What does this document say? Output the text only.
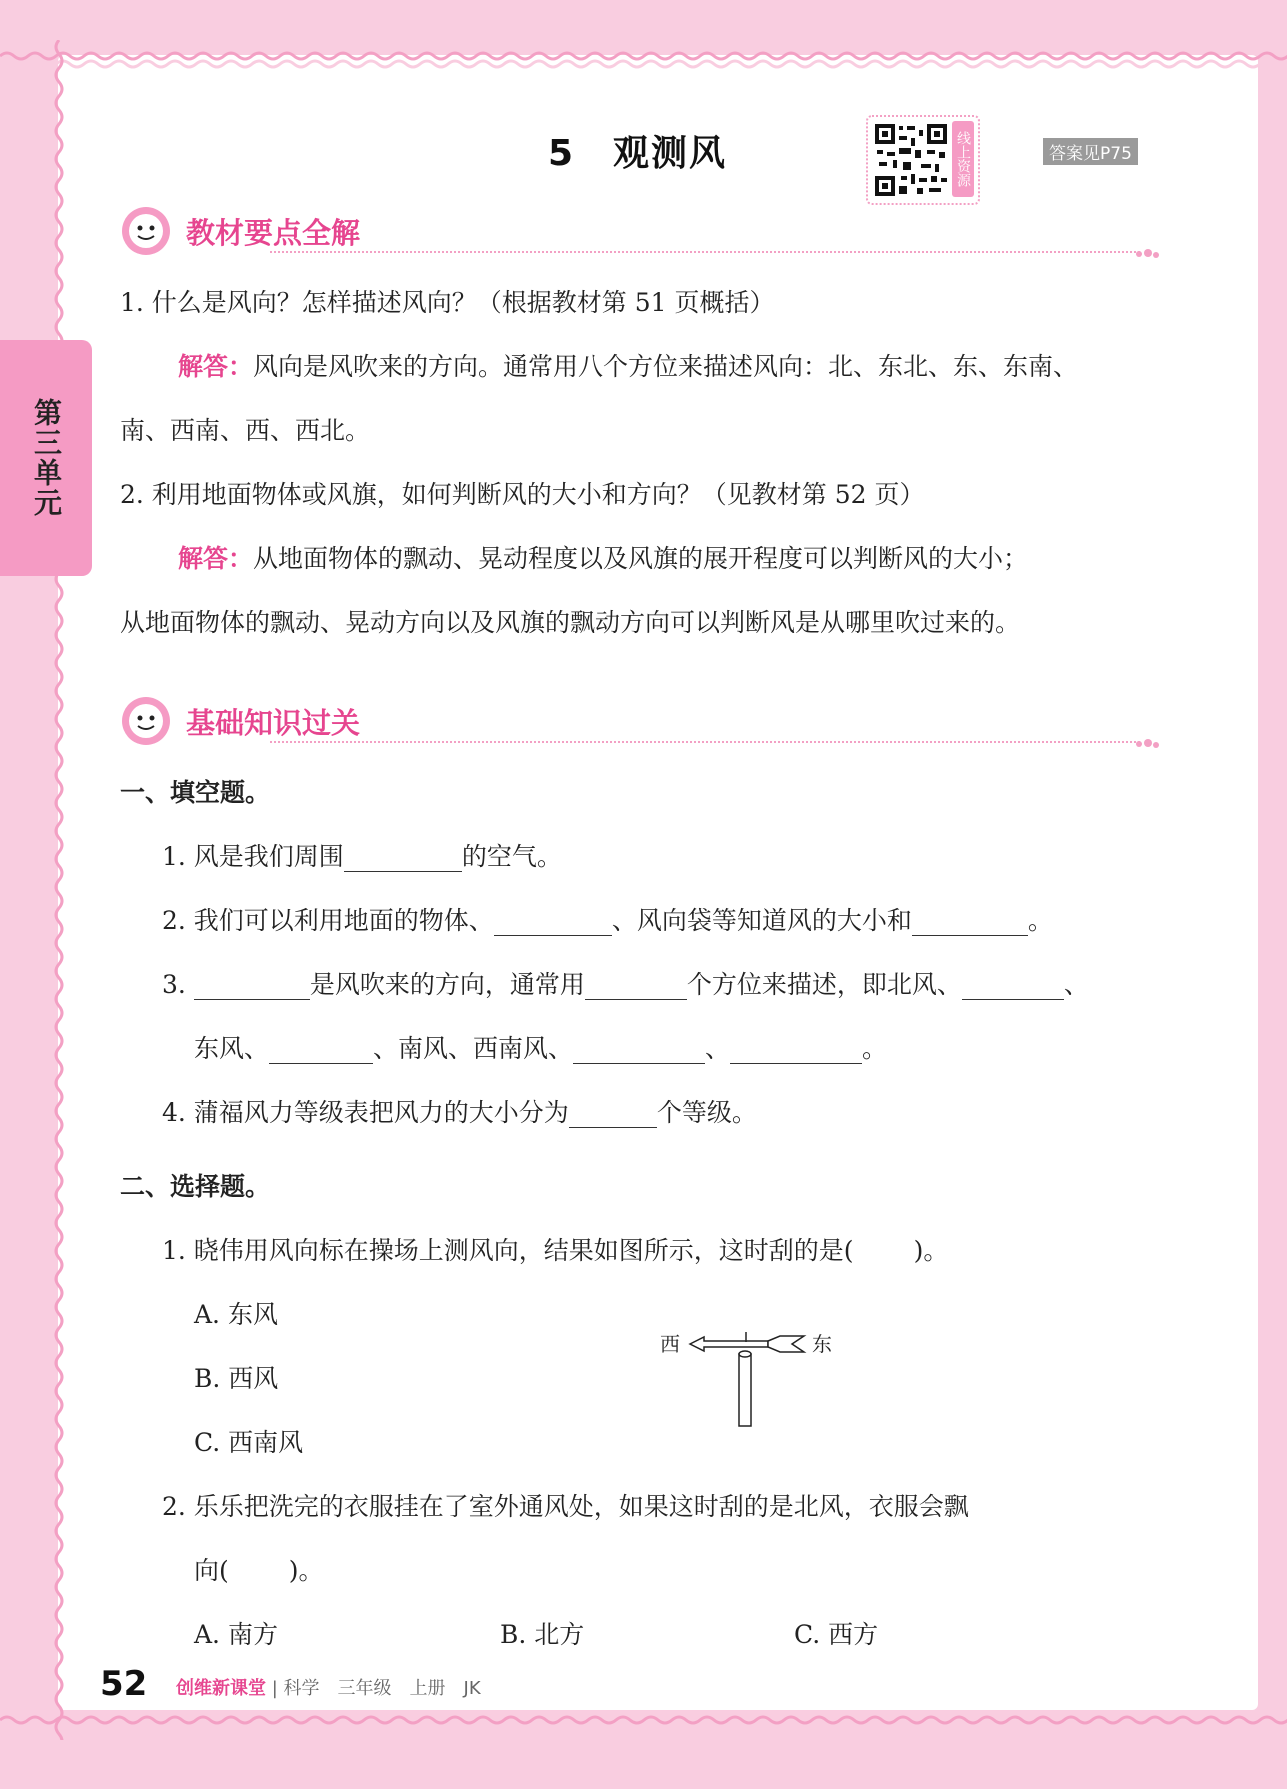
第三单元
5　观测风	线上资源	答案见P75
教材要点全解
1. 什么是风向？怎样描述风向？（根据教材第 51 页概括）
解答：风向是风吹来的方向。通常用八个方位来描述风向：北、东北、东、东南、
南、西南、西、西北。
2. 利用地面物体或风旗，如何判断风的大小和方向？（见教材第 52 页）
解答：从地面物体的飘动、晃动程度以及风旗的展开程度可以判断风的大小；
从地面物体的飘动、晃动方向以及风旗的飘动方向可以判断风是从哪里吹过来的。
基础知识过关
一、填空题。
1. 风是我们周围	的空气。
2. 我们可以利用地面的物体、	、风向袋等知道风的大小和	。
3.	是风吹来的方向，通常用	个方位来描述，即北风、	、
东风、	、南风、西南风、	、	。
4. 蒲福风力等级表把风力的大小分为	个等级。
二、选择题。
1. 晓伟用风向标在操场上测风向，结果如图所示，这时刮的是( )。
A. 东风
B. 西风
C. 西南风
西	东
2. 乐乐把洗完的衣服挂在了室外通风处，如果这时刮的是北风，衣服会飘
向( )。
A. 南方	B. 北方	C. 西方
52 创维新课堂 | 科学　三年级　上册　JK
